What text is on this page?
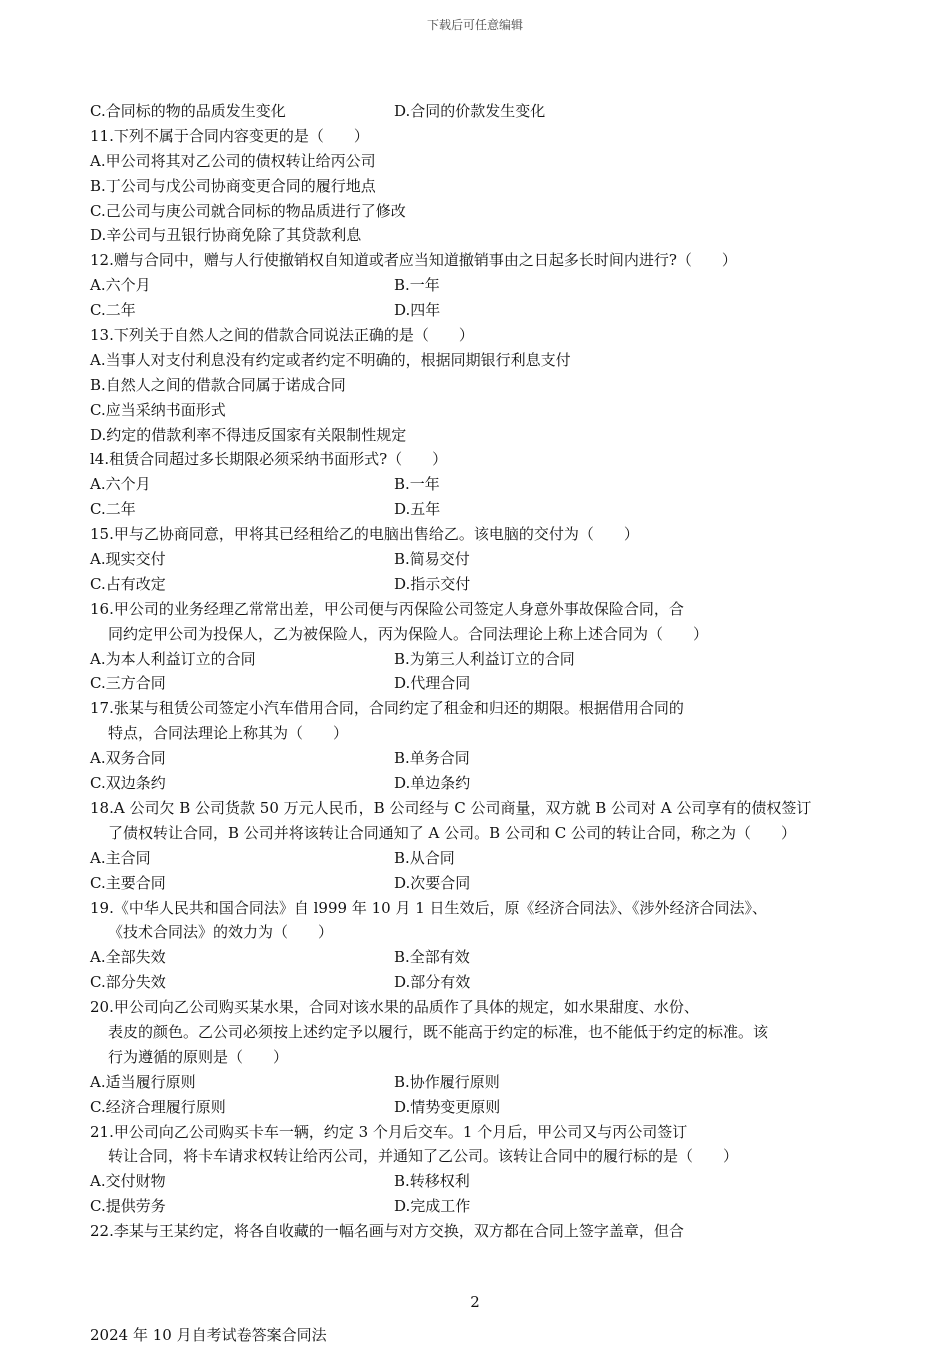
下载后可任意编辑
C.合同标的物的品质发生变化	D.合同的价款发生变化
11.下列不属于合同内容变更的是（　　）
A.甲公司将其对乙公司的债权转让给丙公司
B.丁公司与戊公司协商变更合同的履行地点
C.己公司与庚公司就合同标的物品质进行了修改
D.辛公司与丑银行协商免除了其贷款利息
12.赠与合同中，赠与人行使撤销权自知道或者应当知道撤销事由之日起多长时间内进行?（　　）
A.六个月	B.一年
C.二年	D.四年
13.下列关于自然人之间的借款合同说法正确的是（　　）
A.当事人对支付利息没有约定或者约定不明确的，根据同期银行利息支付
B.自然人之间的借款合同属于诺成合同
C.应当采纳书面形式
D.约定的借款利率不得违反国家有关限制性规定
l4.租赁合同超过多长期限必须采纳书面形式?（　　）
A.六个月	B.一年
C.二年	D.五年
15.甲与乙协商同意，甲将其已经租给乙的电脑出售给乙。该电脑的交付为（　　）
A.现实交付	B.简易交付
C.占有改定	D.指示交付
16.甲公司的业务经理乙常常出差，甲公司便与丙保险公司签定人身意外事故保险合同，合
同约定甲公司为投保人，乙为被保险人，丙为保险人。合同法理论上称上述合同为（　　）
A.为本人利益订立的合同	B.为第三人利益订立的合同
C.三方合同	D.代理合同
17.张某与租赁公司签定小汽车借用合同，合同约定了租金和归还的期限。根据借用合同的
特点，合同法理论上称其为（　　）
A.双务合同	B.单务合同
C.双边条约	D.单边条约
18.A 公司欠 B 公司货款 50 万元人民币，B 公司经与 C 公司商量，双方就 B 公司对 A 公司享有的债权签订
了债权转让合同，B 公司并将该转让合同通知了 A 公司。B 公司和 C 公司的转让合同，称之为（　　）
A.主合同	B.从合同
C.主要合同	D.次要合同
19.《中华人民共和国合同法》自 l999 年 10 月 1 日生效后，原《经济合同法》、《涉外经济合同法》、
《技术合同法》的效力为（　　）
A.全部失效	B.全部有效
C.部分失效	D.部分有效
20.甲公司向乙公司购买某水果，合同对该水果的品质作了具体的规定，如水果甜度、水份、
表皮的颜色。乙公司必须按上述约定予以履行，既不能高于约定的标准，也不能低于约定的标准。该
行为遵循的原则是（　　）
A.适当履行原则	B.协作履行原则
C.经济合理履行原则	D.情势变更原则
21.甲公司向乙公司购买卡车一辆，约定 3 个月后交车。1 个月后，甲公司又与丙公司签订
转让合同，将卡车请求权转让给丙公司，并通知了乙公司。该转让合同中的履行标的是（　　）
A.交付财物	B.转移权利
C.提供劳务	D.完成工作
22.李某与王某约定，将各自收藏的一幅名画与对方交换，双方都在合同上签字盖章，但合
2
2024 年 10 月自考试卷答案合同法
